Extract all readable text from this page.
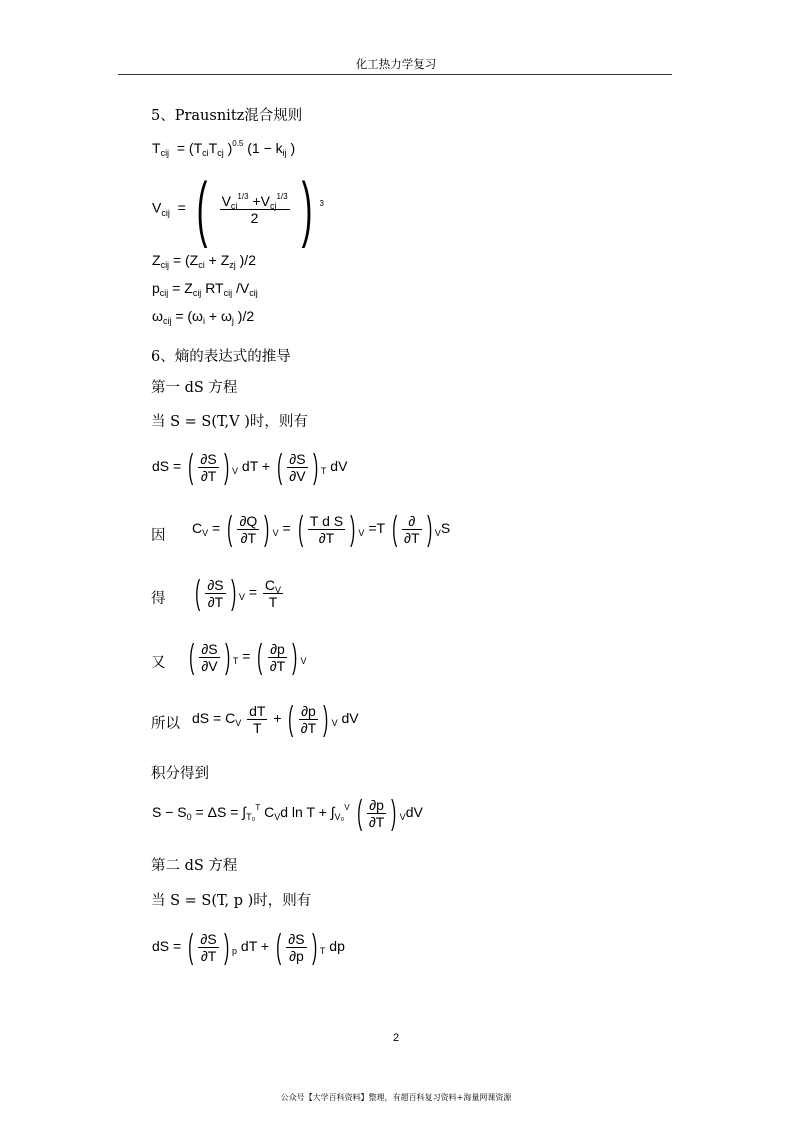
化工热力学复习
5、Prausnitz混合规则
$T_{cij} = (T_{ci}T_{cj}$ )$^{0.5}$ ($1 - k_{ij}$ )
$V_{cij}$  = ( $\frac{V_{ci}^{1/3} +V_{cj}^{1/3}}{2}$ ) $^3$
$Z_{cij} = (Z_{ci} + Z_{zj}$ )/2
$p_{cij} = Z_{cij}$ $RT_{cij}$ $/V_{cij}$
$\omega_{cij} = (\omega_i + \omega_j$ )/2
6、熵的表达式的推导
第一 dS 方程
当 S = S(T,V )时，则有
dS = ( $\frac{\partial S}{\partial T}$ ) $_V$ dT + ( $\frac{\partial S}{\partial V}$ ) $_T$ dV
因 $C_V$ = ( $\frac{\partial Q}{\partial T}$ ) $_V$ = ( $\frac{\text{T d S}}{\partial T}$ ) $_V$ =T ( $\frac{\partial}{\partial T}$ ) $_V$S
得 ( $\frac{\partial S}{\partial T}$ ) $_V = \frac{C_V}{T}$
又 ( $\frac{\partial S}{\partial V}$ ) $_T$ = ( $\frac{\partial p}{\partial T}$ ) $_V$
所以 dS = $C_V \frac{dT}{T}$ + ( $\frac{\partial p}{\partial T}$ ) $_V$ dV
积分得到
$S - S_0 = \Delta S = \int_{T_0}^T$ $C_Vd$ $\ln T + \int_{V_0}^V$ ( $\frac{\partial p}{\partial T}$ ) $_V$dV
第二 dS 方程
当 S = S(T, p )时，则有
dS = ( $\frac{\partial S}{\partial T}$ ) $_p$ dT + ( $\frac{\partial S}{\partial p}$ ) $_T$ dp
2
公众号【大学百科资料】整理，有超百科复习资料+海量网课资源
